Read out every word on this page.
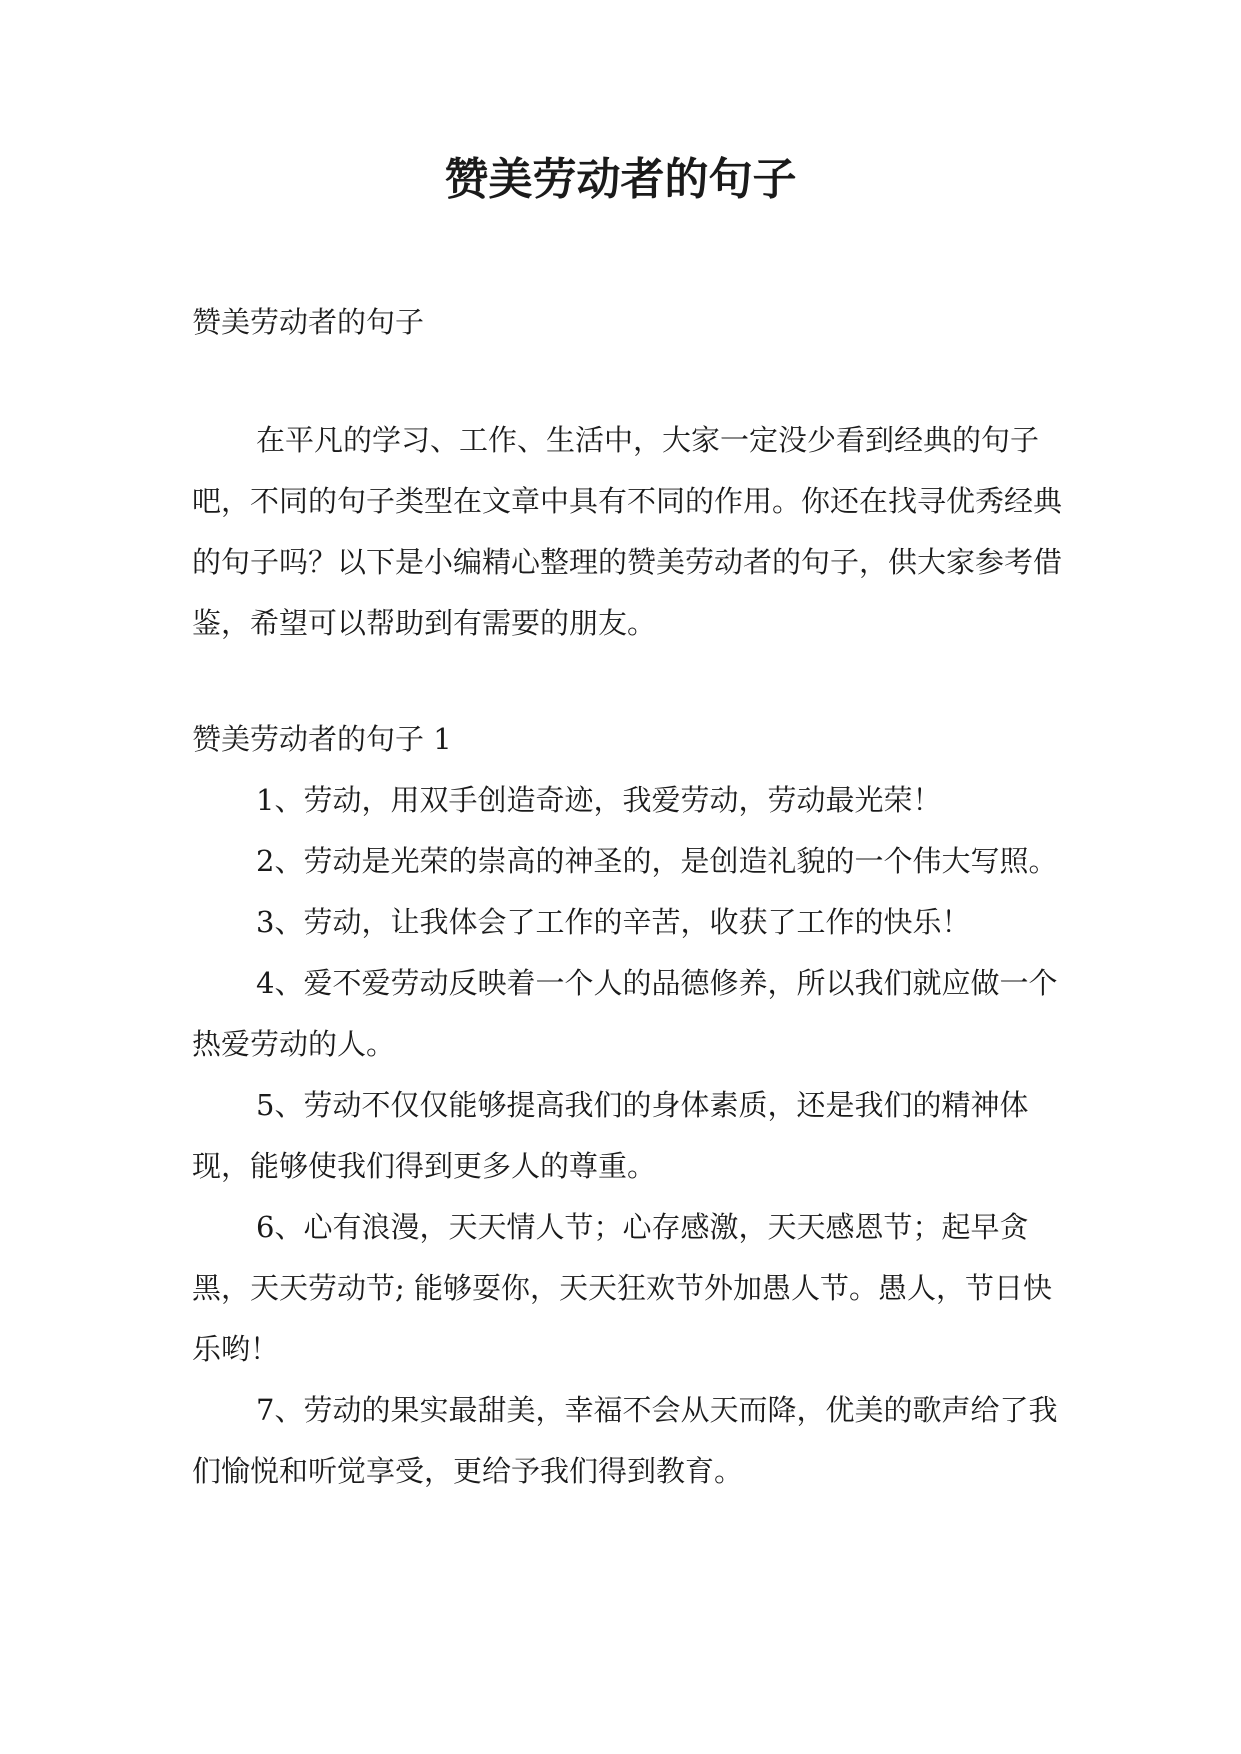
赞美劳动者的句子

赞美劳动者的句子

在平凡的学习、工作、生活中，大家一定没少看到经典的句子吧，不同的句子类型在文章中具有不同的作用。你还在找寻优秀经典的句子吗？以下是小编精心整理的赞美劳动者的句子，供大家参考借鉴，希望可以帮助到有需要的朋友。

赞美劳动者的句子 1

1、劳动，用双手创造奇迹，我爱劳动，劳动最光荣！

2、劳动是光荣的崇高的神圣的，是创造礼貌的一个伟大写照。

3、劳动，让我体会了工作的辛苦，收获了工作的快乐！

4、爱不爱劳动反映着一个人的品德修养，所以我们就应做一个热爱劳动的人。

5、劳动不仅仅能够提高我们的身体素质，还是我们的精神体现，能够使我们得到更多人的尊重。

6、心有浪漫，天天情人节；心存感激，天天感恩节；起早贪黑，天天劳动节; 能够耍你，天天狂欢节外加愚人节。愚人，节日快乐哟！

7、劳动的果实最甜美，幸福不会从天而降，优美的歌声给了我们愉悦和听觉享受，更给予我们得到教育。
